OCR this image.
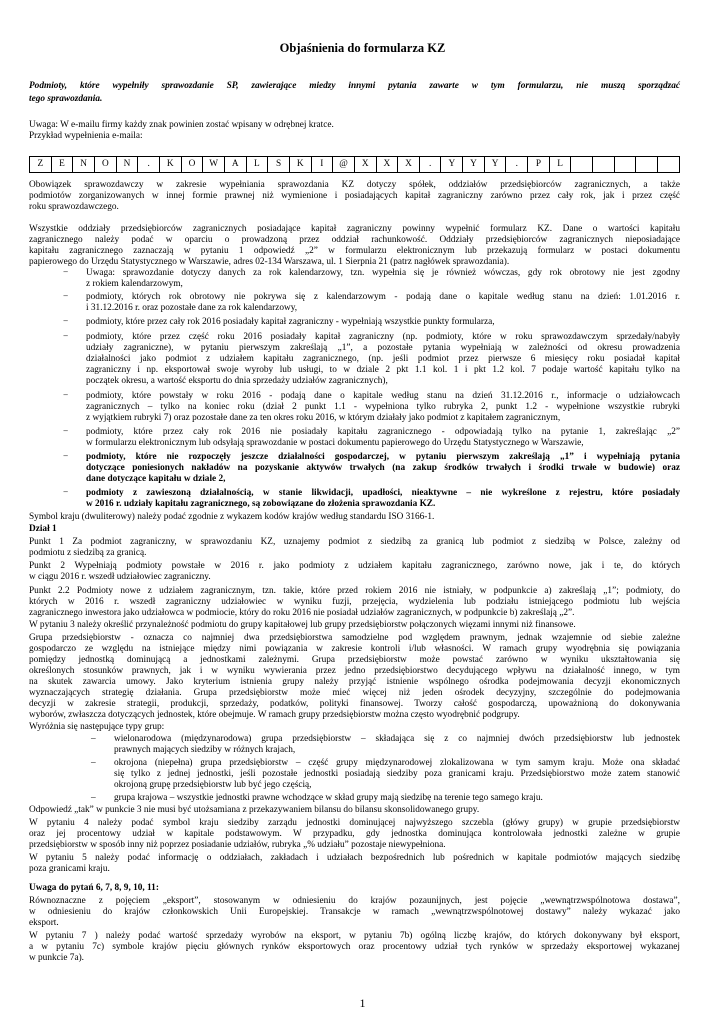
Objaśnienia do formularza KZ
Podmioty, które wypełniły sprawozdanie SP, zawierające miedzy innymi pytania zawarte w tym formularzu, nie muszą sporządzać
tego sprawozdania.
Uwaga: W e-mailu firmy każdy znak powinien zostać wpisany w odrębnej kratce.
Przykład wypełnienia e-maila:
Z	E	N	O	N	.	K	O	W	A	L	S	K	I	@	X	X	X	.	Y	Y	Y	.	P	L					
Obowiązek sprawozdawczy w zakresie wypełniania sprawozdania KZ dotyczy spółek, oddziałów przedsiębiorców zagranicznych, a także
podmiotów zorganizowanych w innej formie prawnej niż wymienione i posiadających kapitał zagraniczny zarówno przez cały rok, jak i przez część
roku sprawozdawczego.
Wszystkie oddziały przedsiębiorców zagranicznych posiadające kapitał zagraniczny powinny wypełnić formularz KZ. Dane o wartości kapitału
zagranicznego należy podać w oparciu o prowadzoną przez oddział rachunkowość. Oddziały przedsiębiorców zagranicznych nieposiadające
kapitału zagranicznego zaznaczają w pytaniu 1 odpowiedź „2” w formularzu elektronicznym lub przekazują formularz w postaci dokumentu
papierowego do Urzędu Statystycznego w Warszawie, adres 02-134 Warszawa, ul. 1 Sierpnia 21 (patrz nagłówek sprawozdania).
− Uwaga: sprawozdanie dotyczy danych za rok kalendarzowy, tzn. wypełnia się je również wówczas, gdy rok obrotowy nie jest zgodny
z rokiem kalendarzowym,
− podmioty, których rok obrotowy nie pokrywa się z kalendarzowym - podają dane o kapitale według stanu na dzień: 1.01.2016 r.
i 31.12.2016 r. oraz pozostałe dane za rok kalendarzowy,
− podmioty, które przez cały rok 2016 posiadały kapitał zagraniczny - wypełniają wszystkie punkty formularza,
− podmioty, które przez część roku 2016 posiadały kapitał zagraniczny (np. podmioty, które w roku sprawozdawczym sprzedały/nabyły
udziały zagraniczne), w pytaniu pierwszym zakreślają „1”, a pozostałe pytania wypełniają w zależności od okresu prowadzenia
działalności jako podmiot z udziałem kapitału zagranicznego, (np. jeśli podmiot przez pierwsze 6 miesięcy roku posiadał kapitał
zagraniczny i np. eksportował swoje wyroby lub usługi, to w dziale 2 pkt 1.1 kol. 1 i pkt 1.2 kol. 7 podaje wartość kapitału tylko na
początek okresu, a wartość eksportu do dnia sprzedaży udziałów zagranicznych),
− podmioty, które powstały w roku 2016 - podają dane o kapitale według stanu na dzień 31.12.2016 r., informacje o udziałowcach
zagranicznych – tylko na koniec roku (dział 2 punkt 1.1 - wypełniona tylko rubryka 2, punkt 1.2 - wypełnione wszystkie rubryki
z wyjątkiem rubryki 7) oraz pozostałe dane za ten okres roku 2016, w którym działały jako podmiot z kapitałem zagranicznym,
− podmioty, które przez cały rok 2016 nie posiadały kapitału zagranicznego - odpowiadają tylko na pytanie 1, zakreślając „2”
w formularzu elektronicznym lub odsyłają sprawozdanie w postaci dokumentu papierowego do Urzędu Statystycznego w Warszawie,
− podmioty, które nie rozpoczęły jeszcze działalności gospodarczej, w pytaniu pierwszym zakreślają „1” i wypełniają pytania
dotyczące poniesionych nakładów na pozyskanie aktywów trwałych (na zakup środków trwałych i środki trwałe w budowie) oraz
dane dotyczące kapitału w dziale 2,
− podmioty z zawieszoną działalnością, w stanie likwidacji, upadłości, nieaktywne – nie wykreślone z rejestru, które posiadały
w 2016 r. udziały kapitału zagranicznego, są zobowiązane do złożenia sprawozdania KZ.
Symbol kraju (dwuliterowy) należy podać zgodnie z wykazem kodów krajów według standardu ISO 3166-1.
Dział 1
Punkt 1 Za podmiot zagraniczny, w sprawozdaniu KZ, uznajemy podmiot z siedzibą za granicą lub podmiot z siedzibą w Polsce, zależny od
podmiotu z siedzibą za granicą.
Punkt 2 Wypełniają podmioty powstałe w 2016 r. jako podmioty z udziałem kapitału zagranicznego, zarówno nowe, jak i te, do których
w ciągu 2016 r. wszedł udziałowiec zagraniczny.
Punkt 2.2 Podmioty nowe z udziałem zagranicznym, tzn. takie, które przed rokiem 2016 nie istniały, w podpunkcie a) zakreślają „1”; podmioty, do
których w 2016 r. wszedł zagraniczny udziałowiec w wyniku fuzji, przejęcia, wydzielenia lub podziału istniejącego podmiotu lub wejścia
zagranicznego inwestora jako udziałowca w podmiocie, który do roku 2016 nie posiadał udziałów zagranicznych, w podpunkcie b) zakreślają „2”.
W pytaniu 3 należy określić przynależność podmiotu do grupy kapitałowej lub grupy przedsiębiorstw połączonych więzami innymi niż finansowe.
Grupa przedsiębiorstw - oznacza co najmniej dwa przedsiębiorstwa samodzielne pod względem prawnym, jednak wzajemnie od siebie zależne
gospodarczo ze względu na istniejące między nimi powiązania w zakresie kontroli i/lub własności. W ramach grupy wyodrębnia się powiązania
pomiędzy jednostką dominującą a jednostkami zależnymi. Grupa przedsiębiorstw może powstać zarówno w wyniku ukształtowania się
określonych stosunków prawnych, jak i w wyniku wywierania przez jedno przedsiębiorstwo decydującego wpływu na działalność innego, w tym
na skutek zawarcia umowy. Jako kryterium istnienia grupy należy przyjąć istnienie wspólnego ośrodka podejmowania decyzji ekonomicznych
wyznaczających strategię działania. Grupa przedsiębiorstw może mieć więcej niż jeden ośrodek decyzyjny, szczególnie do podejmowania
decyzji w zakresie strategii, produkcji, sprzedaży, podatków, polityki finansowej. Tworzy całość gospodarczą, upoważnioną do dokonywania
wyborów, zwłaszcza dotyczących jednostek, które obejmuje. W ramach grupy przedsiębiorstw można często wyodrębnić podgrupy.
Wyróżnia się następujące typy grup:
– wielonarodowa (międzynarodowa) grupa przedsiębiorstw – składająca się z co najmniej dwóch przedsiębiorstw lub jednostek
prawnych mających siedziby w różnych krajach,
– okrojona (niepełna) grupa przedsiębiorstw – część grupy międzynarodowej zlokalizowana w tym samym kraju. Może ona składać
się tylko z jednej jednostki, jeśli pozostałe jednostki posiadają siedziby poza granicami kraju. Przedsiębiorstwo może zatem stanowić
okrojoną grupę przedsiębiorstw lub być jego częścią,
– grupa krajowa – wszystkie jednostki prawne wchodzące w skład grupy mają siedzibę na terenie tego samego kraju.
Odpowiedź „tak” w punkcie 3 nie musi być utożsamiana z przekazywaniem bilansu do bilansu skonsolidowanego grupy.
W pytaniu 4 należy podać symbol kraju siedziby zarządu jednostki dominującej najwyższego szczebla (główy grupy) w grupie przedsiębiorstw
oraz jej procentowy udział w kapitale podstawowym. W przypadku, gdy jednostka dominująca kontrolowała jednostki zależne w grupie
przedsiębiorstw w sposób inny niż poprzez posiadanie udziałów, rubryka „% udziału” pozostaje niewypełniona.
W pytaniu 5 należy podać informację o oddziałach, zakładach i udziałach bezpośrednich lub pośrednich w kapitale podmiotów mających siedzibę
poza granicami kraju.
Uwaga do pytań 6, 7, 8, 9, 10, 11:
Równoznaczne z pojęciem „eksport”, stosowanym w odniesieniu do krajów pozaunijnych, jest pojęcie „wewnątrzwspólnotowa dostawa”,
w odniesieniu do krajów członkowskich Unii Europejskiej. Transakcje w ramach „wewnątrzwspólnotowej dostawy” należy wykazać jako
eksport.
W pytaniu 7 ) należy podać wartość sprzedaży wyrobów na eksport, w pytaniu 7b) ogólną liczbę krajów, do których dokonywany był eksport,
a w pytaniu 7c) symbole krajów pięciu głównych rynków eksportowych oraz procentowy udział tych rynków w sprzedaży eksportowej wykazanej
w punkcie 7a).
1
